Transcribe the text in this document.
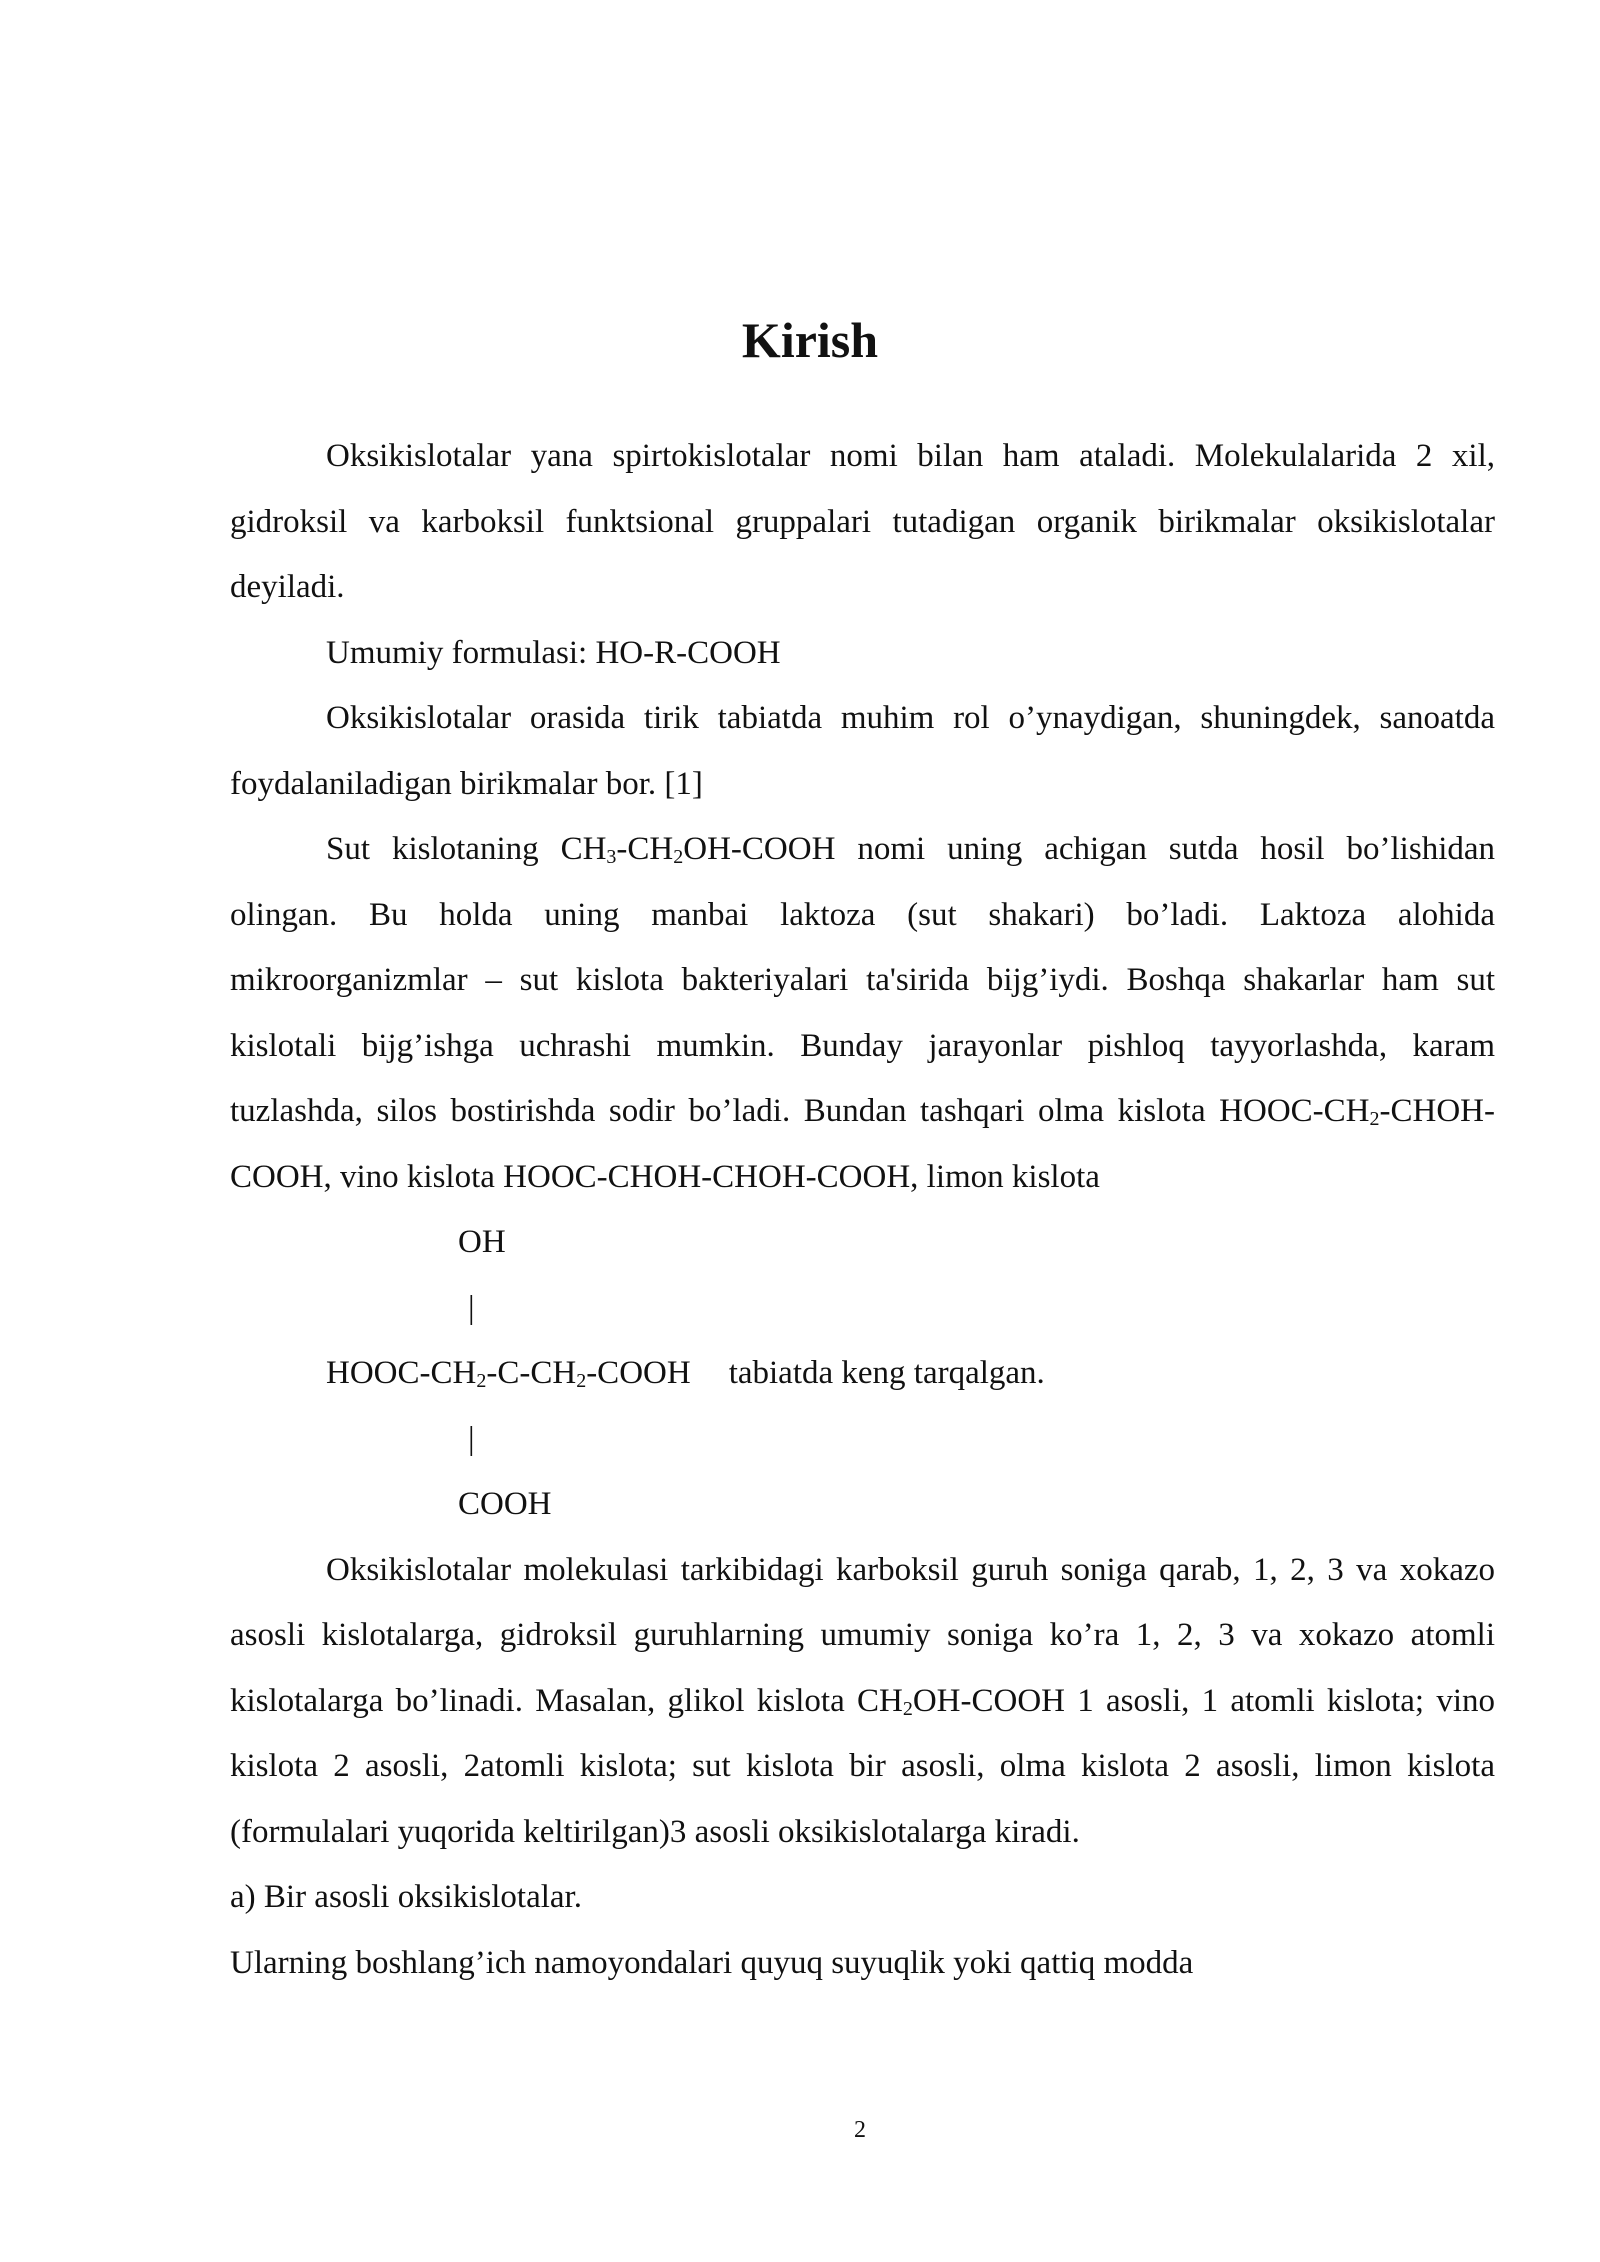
Kirish

Oksikislotalar yana spirtokislotalar nomi bilan ham ataladi. Molekulalarida 2 xil, gidroksil va karboksil funktsional gruppalari tutadigan organik birikmalar oksikislotalar deyiladi.

Umumiy formulasi: HO-R-COOH

Oksikislotalar orasida tirik tabiatda muhim rol o’ynaydigan, shuningdek, sanoatda foydalaniladigan birikmalar bor. [1]

Sut kislotaning $CH_3-CH_2OH$-COOH nomi uning achigan sutda hosil bo’lishidan olingan. Bu holda uning manbai laktoza (sut shakari) bo’ladi. Laktoza alohida mikroorganizmlar – sut kislota bakteriyalari ta'sirida bijg’iydi. Boshqa shakarlar ham sut kislotali bijg’ishga uchrashi mumkin. Bunday jarayonlar pishloq tayyorlashda, karam tuzlashda, silos bostirishda sodir bo’ladi. Bundan tashqari olma kislota HOOC-$CH_2-CHOH$-COOH, vino kislota HOOC-CHOH-CHOH-COOH, limon kislota

OH

|

HOOC-$CH_2-C-CH_2$-COOH tabiatda keng tarqalgan.

|

COOH

Oksikislotalar molekulasi tarkibidagi karboksil guruh soniga qarab, 1, 2, 3 va xokazo asosli kislotalarga, gidroksil guruhlarning umumiy soniga ko’ra 1, 2, 3 va xokazo atomli kislotalarga bo’linadi. Masalan, glikol kislota $CH_2OH$-COOH 1 asosli, 1 atomli kislota; vino kislota 2 asosli, 2atomli kislota; sut kislota bir asosli, olma kislota 2 asosli, limon kislota (formulalari yuqorida keltirilgan)3 asosli oksikislotalarga kiradi.

a) Bir asosli oksikislotalar.

Ularning boshlang’ich namoyondalari quyuq suyuqlik yoki qattiq modda

2
